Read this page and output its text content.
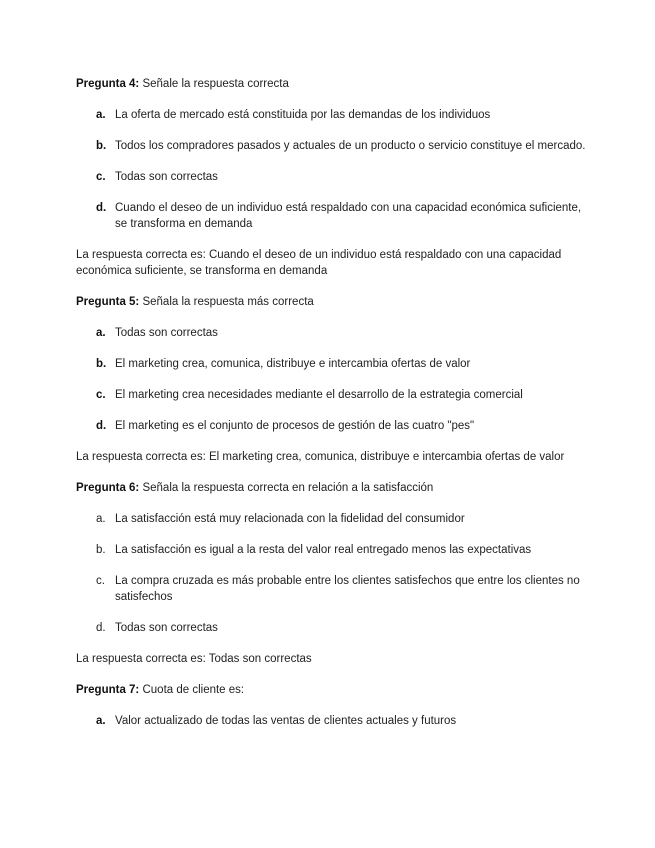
Pregunta 4: Señale la respuesta correcta

a. La oferta de mercado está constituida por las demandas de los individuos
b. Todos los compradores pasados y actuales de un producto o servicio constituye el mercado.
c. Todas son correctas
d. Cuando el deseo de un individuo está respaldado con una capacidad económica suficiente, se transforma en demanda

La respuesta correcta es: Cuando el deseo de un individuo está respaldado con una capacidad económica suficiente, se transforma en demanda

Pregunta 5: Señala la respuesta más correcta

a. Todas son correctas
b. El marketing crea, comunica, distribuye e intercambia ofertas de valor
c. El marketing crea necesidades mediante el desarrollo de la estrategia comercial
d. El marketing es el conjunto de procesos de gestión de las cuatro "pes"

La respuesta correcta es: El marketing crea, comunica, distribuye e intercambia ofertas de valor

Pregunta 6: Señala la respuesta correcta en relación a la satisfacción

a. La satisfacción está muy relacionada con la fidelidad del consumidor
b. La satisfacción es igual a la resta del valor real entregado menos las expectativas
c. La compra cruzada es más probable entre los clientes satisfechos que entre los clientes no satisfechos
d. Todas son correctas

La respuesta correcta es: Todas son correctas

Pregunta 7: Cuota de cliente es:

a. Valor actualizado de todas las ventas de clientes actuales y futuros
